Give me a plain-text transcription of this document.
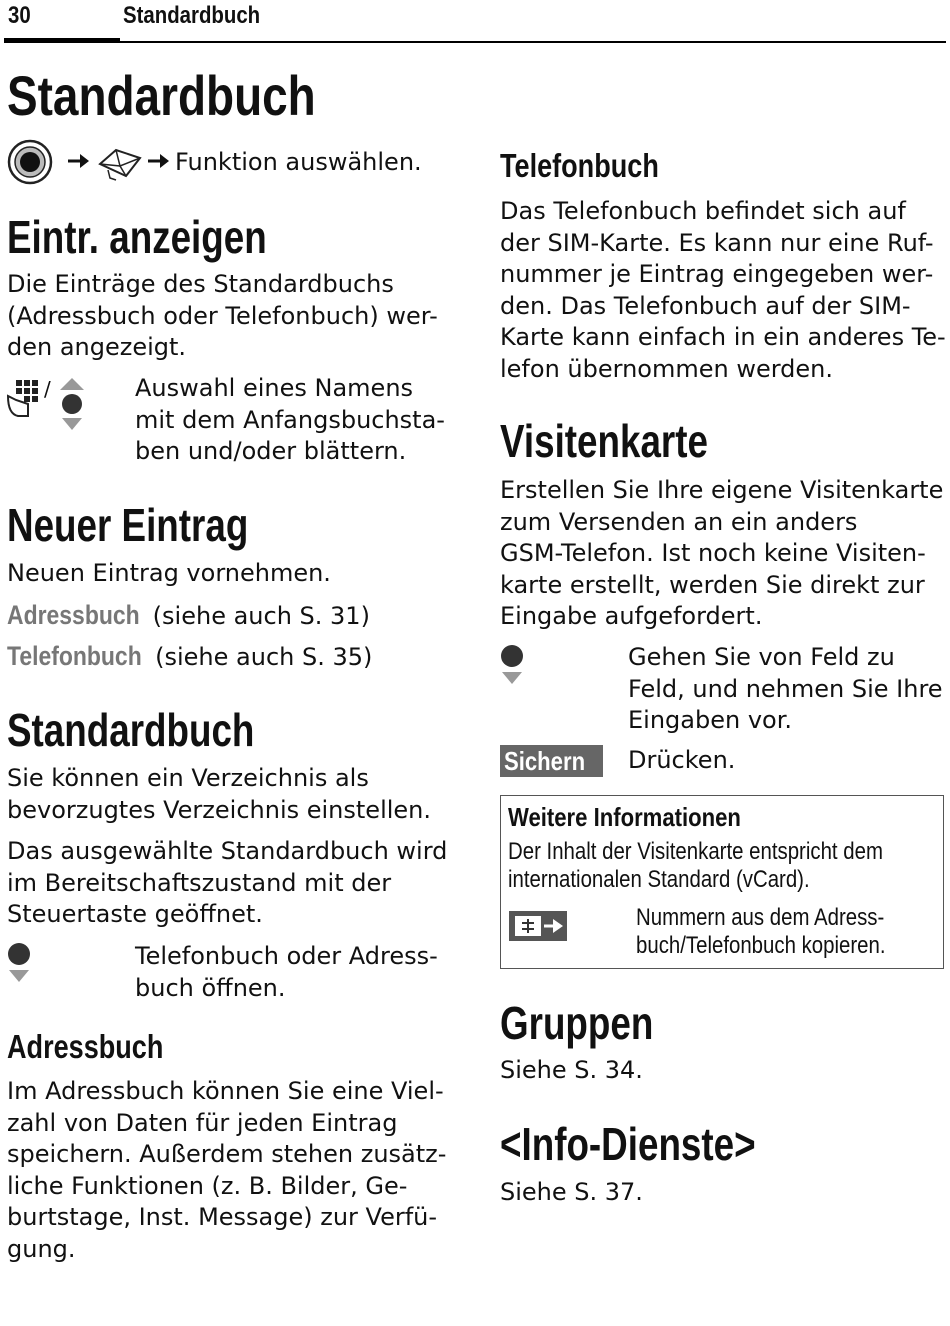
30	Standardbuch
Standardbuch
Funktion auswählen.
Eintr. anzeigen
Die Einträge des Standardbuchs
(Adressbuch oder Telefonbuch) wer-
den angezeigt.
/	Auswahl eines Namens
mit dem Anfangsbuchsta-
ben und/oder blättern.
Neuer Eintrag
Neuen Eintrag vornehmen.
Adressbuch (siehe auch S. 31)
Telefonbuch (siehe auch S. 35)
Standardbuch
Sie können ein Verzeichnis als
bevorzugtes Verzeichnis einstellen.
Das ausgewählte Standardbuch wird
im Bereitschaftszustand mit der
Steuertaste geöffnet.
Telefonbuch oder Adress-
buch öffnen.
Adressbuch
Im Adressbuch können Sie eine Viel-
zahl von Daten für jeden Eintrag
speichern. Außerdem stehen zusätz-
liche Funktionen (z. B. Bilder, Ge-
burtstage, Inst. Message) zur Verfü-
gung.
Telefonbuch
Das Telefonbuch befindet sich auf
der SIM-Karte. Es kann nur eine Ruf-
nummer je Eintrag eingegeben wer-
den. Das Telefonbuch auf der SIM-
Karte kann einfach in ein anderes Te-
lefon übernommen werden.
Visitenkarte
Erstellen Sie Ihre eigene Visitenkarte
zum Versenden an ein anders
GSM-Telefon. Ist noch keine Visiten-
karte erstellt, werden Sie direkt zur
Eingabe aufgefordert.
Gehen Sie von Feld zu
Feld, und nehmen Sie Ihre
Eingaben vor.
Sichern	Drücken.
Weitere Informationen
Der Inhalt der Visitenkarte entspricht dem
internationalen Standard (vCard).
Nummern aus dem Adress-
buch/Telefonbuch kopieren.
Gruppen
Siehe S. 34.
<Info-Dienste>
Siehe S. 37.
